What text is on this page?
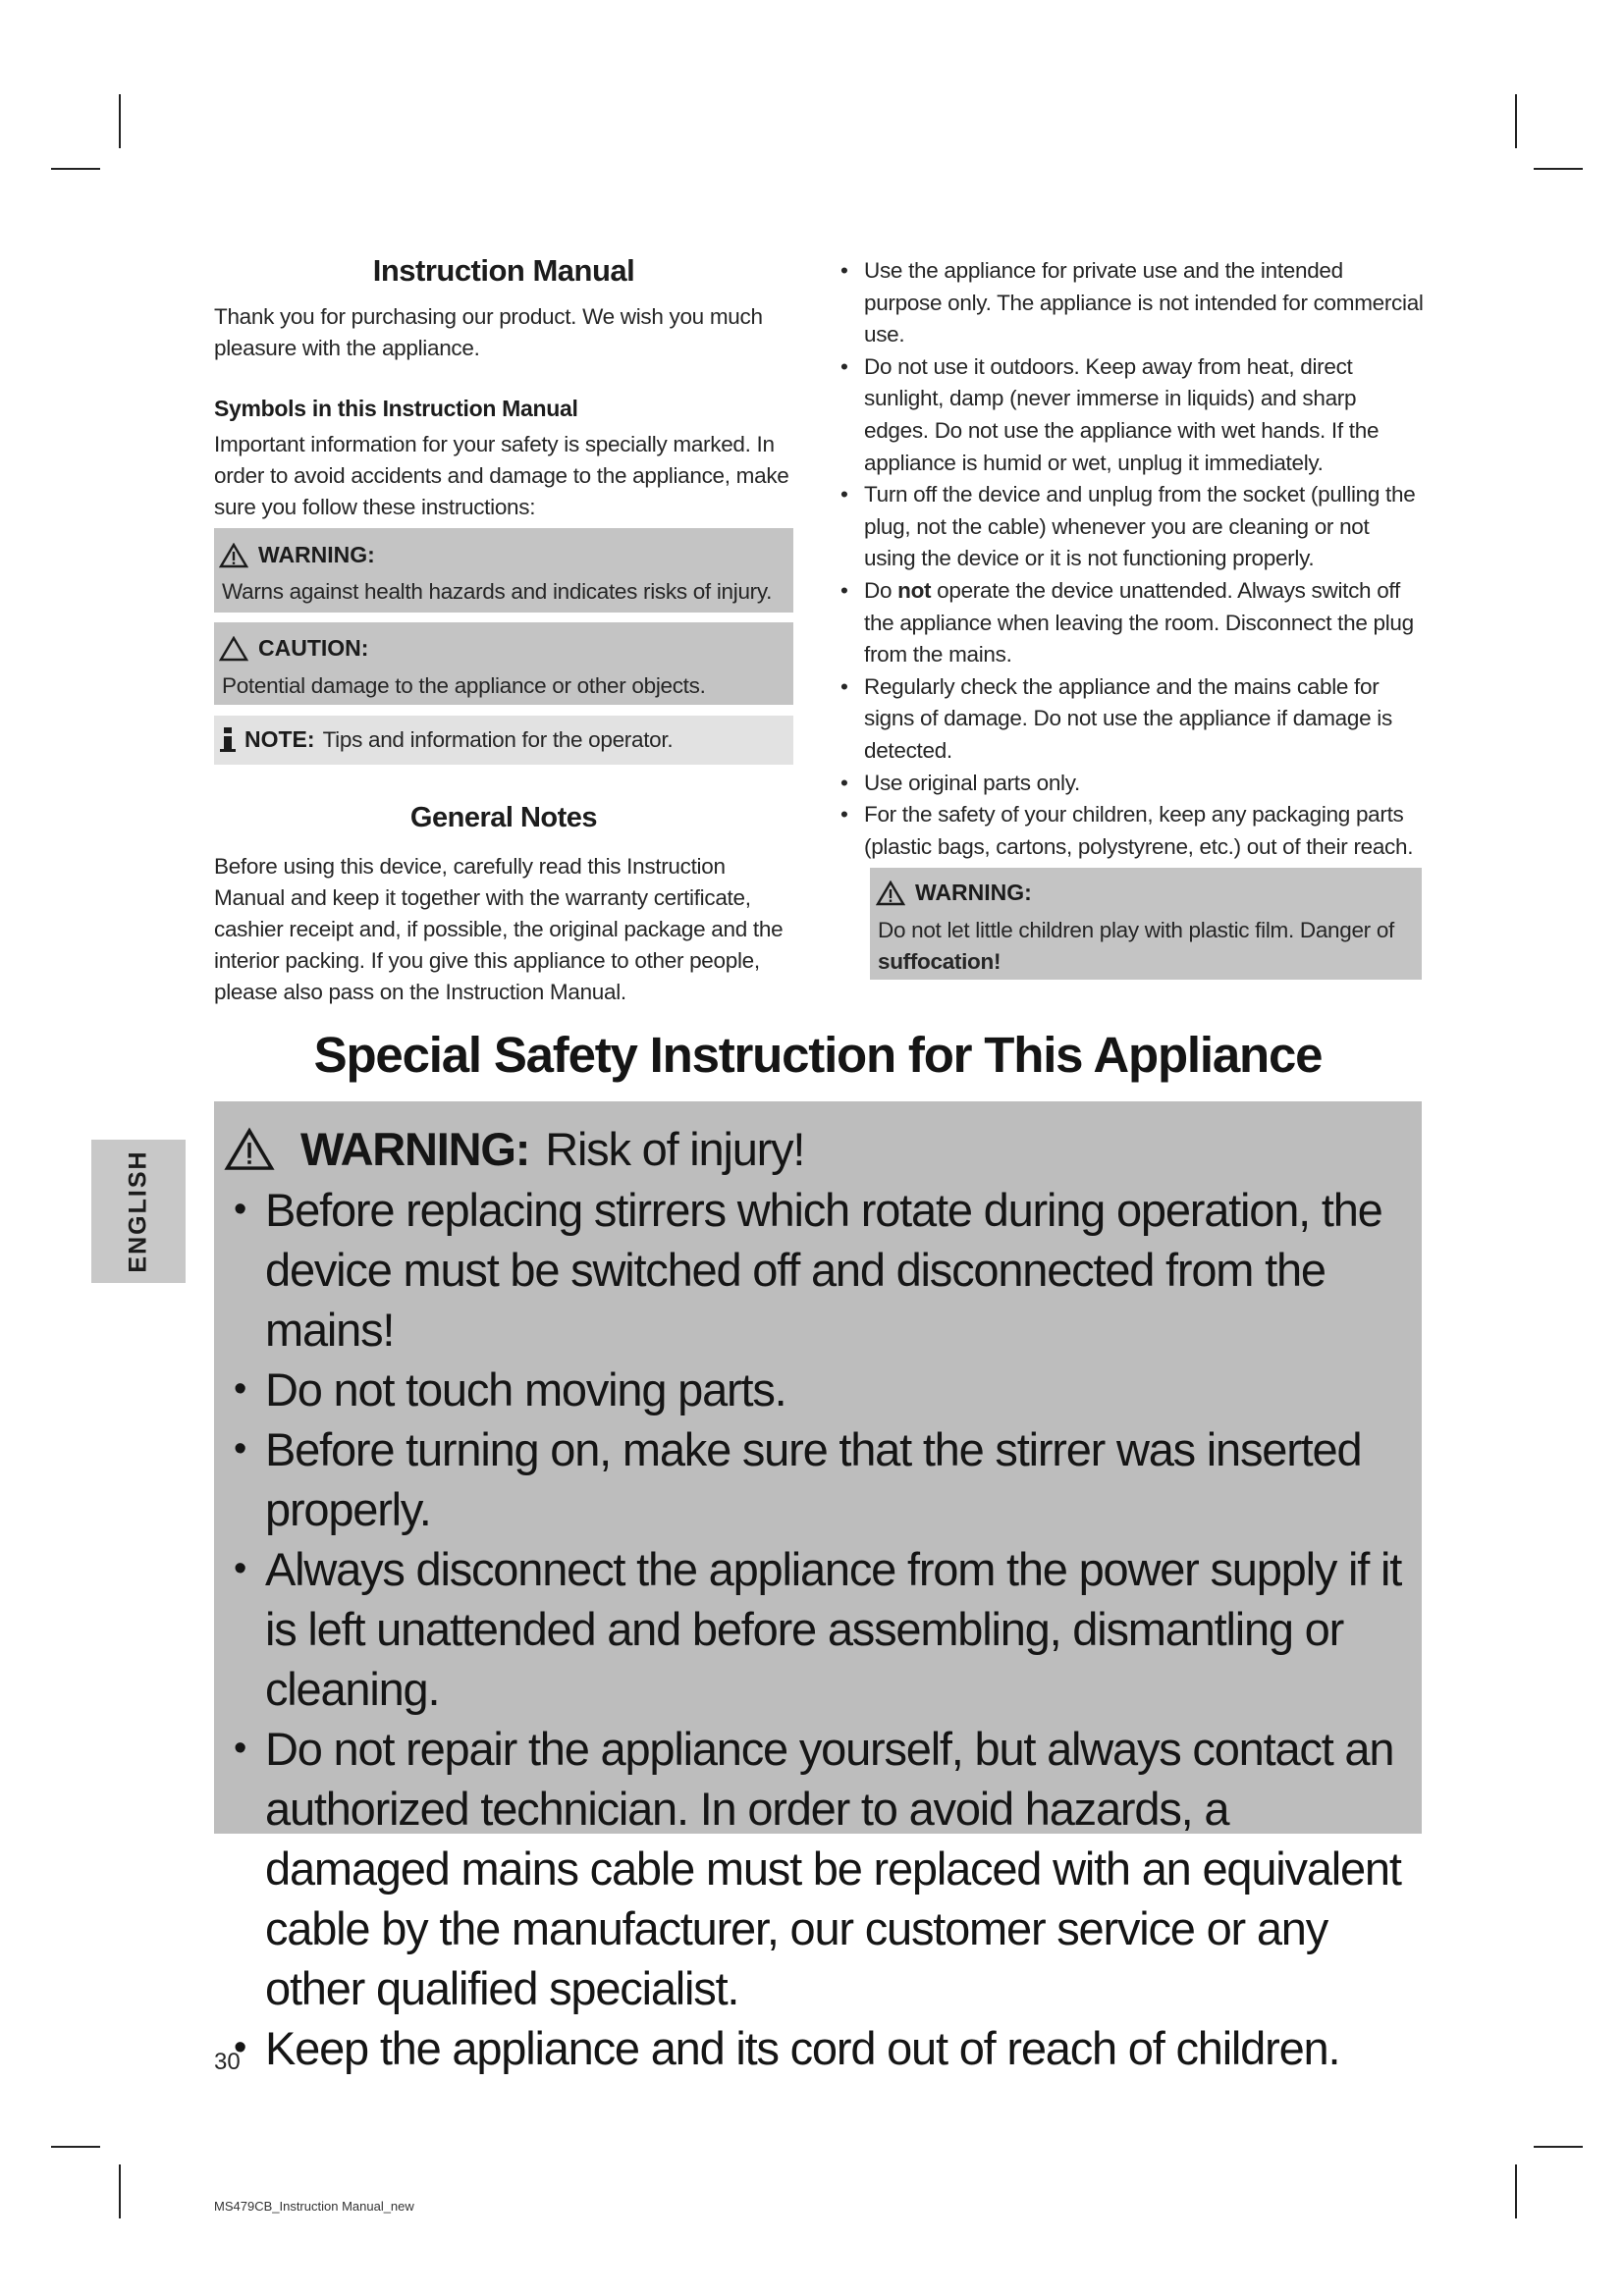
Instruction Manual
Thank you for purchasing our product. We wish you much pleasure with the appliance.
Symbols in this Instruction Manual
Important information for your safety is specially marked. In order to avoid accidents and damage to the appliance, make sure you follow these instructions:
WARNING:
Warns against health hazards and indicates risks of injury.
CAUTION:
Potential damage to the appliance or other objects.
NOTE: Tips and information for the operator.
General Notes
Before using this device, carefully read this Instruction Manual and keep it together with the warranty certificate, cashier receipt and, if possible, the original package and the interior packing. If you give this appliance to other people, please also pass on the Instruction Manual.
• Use the appliance for private use and the intended purpose only. The appliance is not intended for commercial use.
• Do not use it outdoors. Keep away from heat, direct sunlight, damp (never immerse in liquids) and sharp edges. Do not use the appliance with wet hands. If the appliance is humid or wet, unplug it immediately.
• Turn off the device and unplug from the socket (pulling the plug, not the cable) whenever you are cleaning or not using the device or it is not functioning properly.
• Do not operate the device unattended. Always switch off the appliance when leaving the room. Disconnect the plug from the mains.
• Regularly check the appliance and the mains cable for signs of damage. Do not use the appliance if damage is detected.
• Use original parts only.
• For the safety of your children, keep any packaging parts (plastic bags, cartons, polystyrene, etc.) out of their reach.
WARNING:
Do not let little children play with plastic film. Danger of
suffocation!
Special Safety Instruction for This Appliance
ENGLISH
WARNING: Risk of injury!
• Before replacing stirrers which rotate during operation, the device must be switched off and disconnected from the mains!
• Do not touch moving parts.
• Before turning on, make sure that the stirrer was inserted properly.
• Always disconnect the appliance from the power supply if it is left unattended and before assembling, dismantling or cleaning.
• Do not repair the appliance yourself, but always contact an authorized technician. In order to avoid hazards, a damaged mains cable must be replaced with an equivalent cable by the manufacturer, our customer service or any other qualified specialist.
• Keep the appliance and its cord out of reach of children.
30
MS479CB_Instruction Manual_new
